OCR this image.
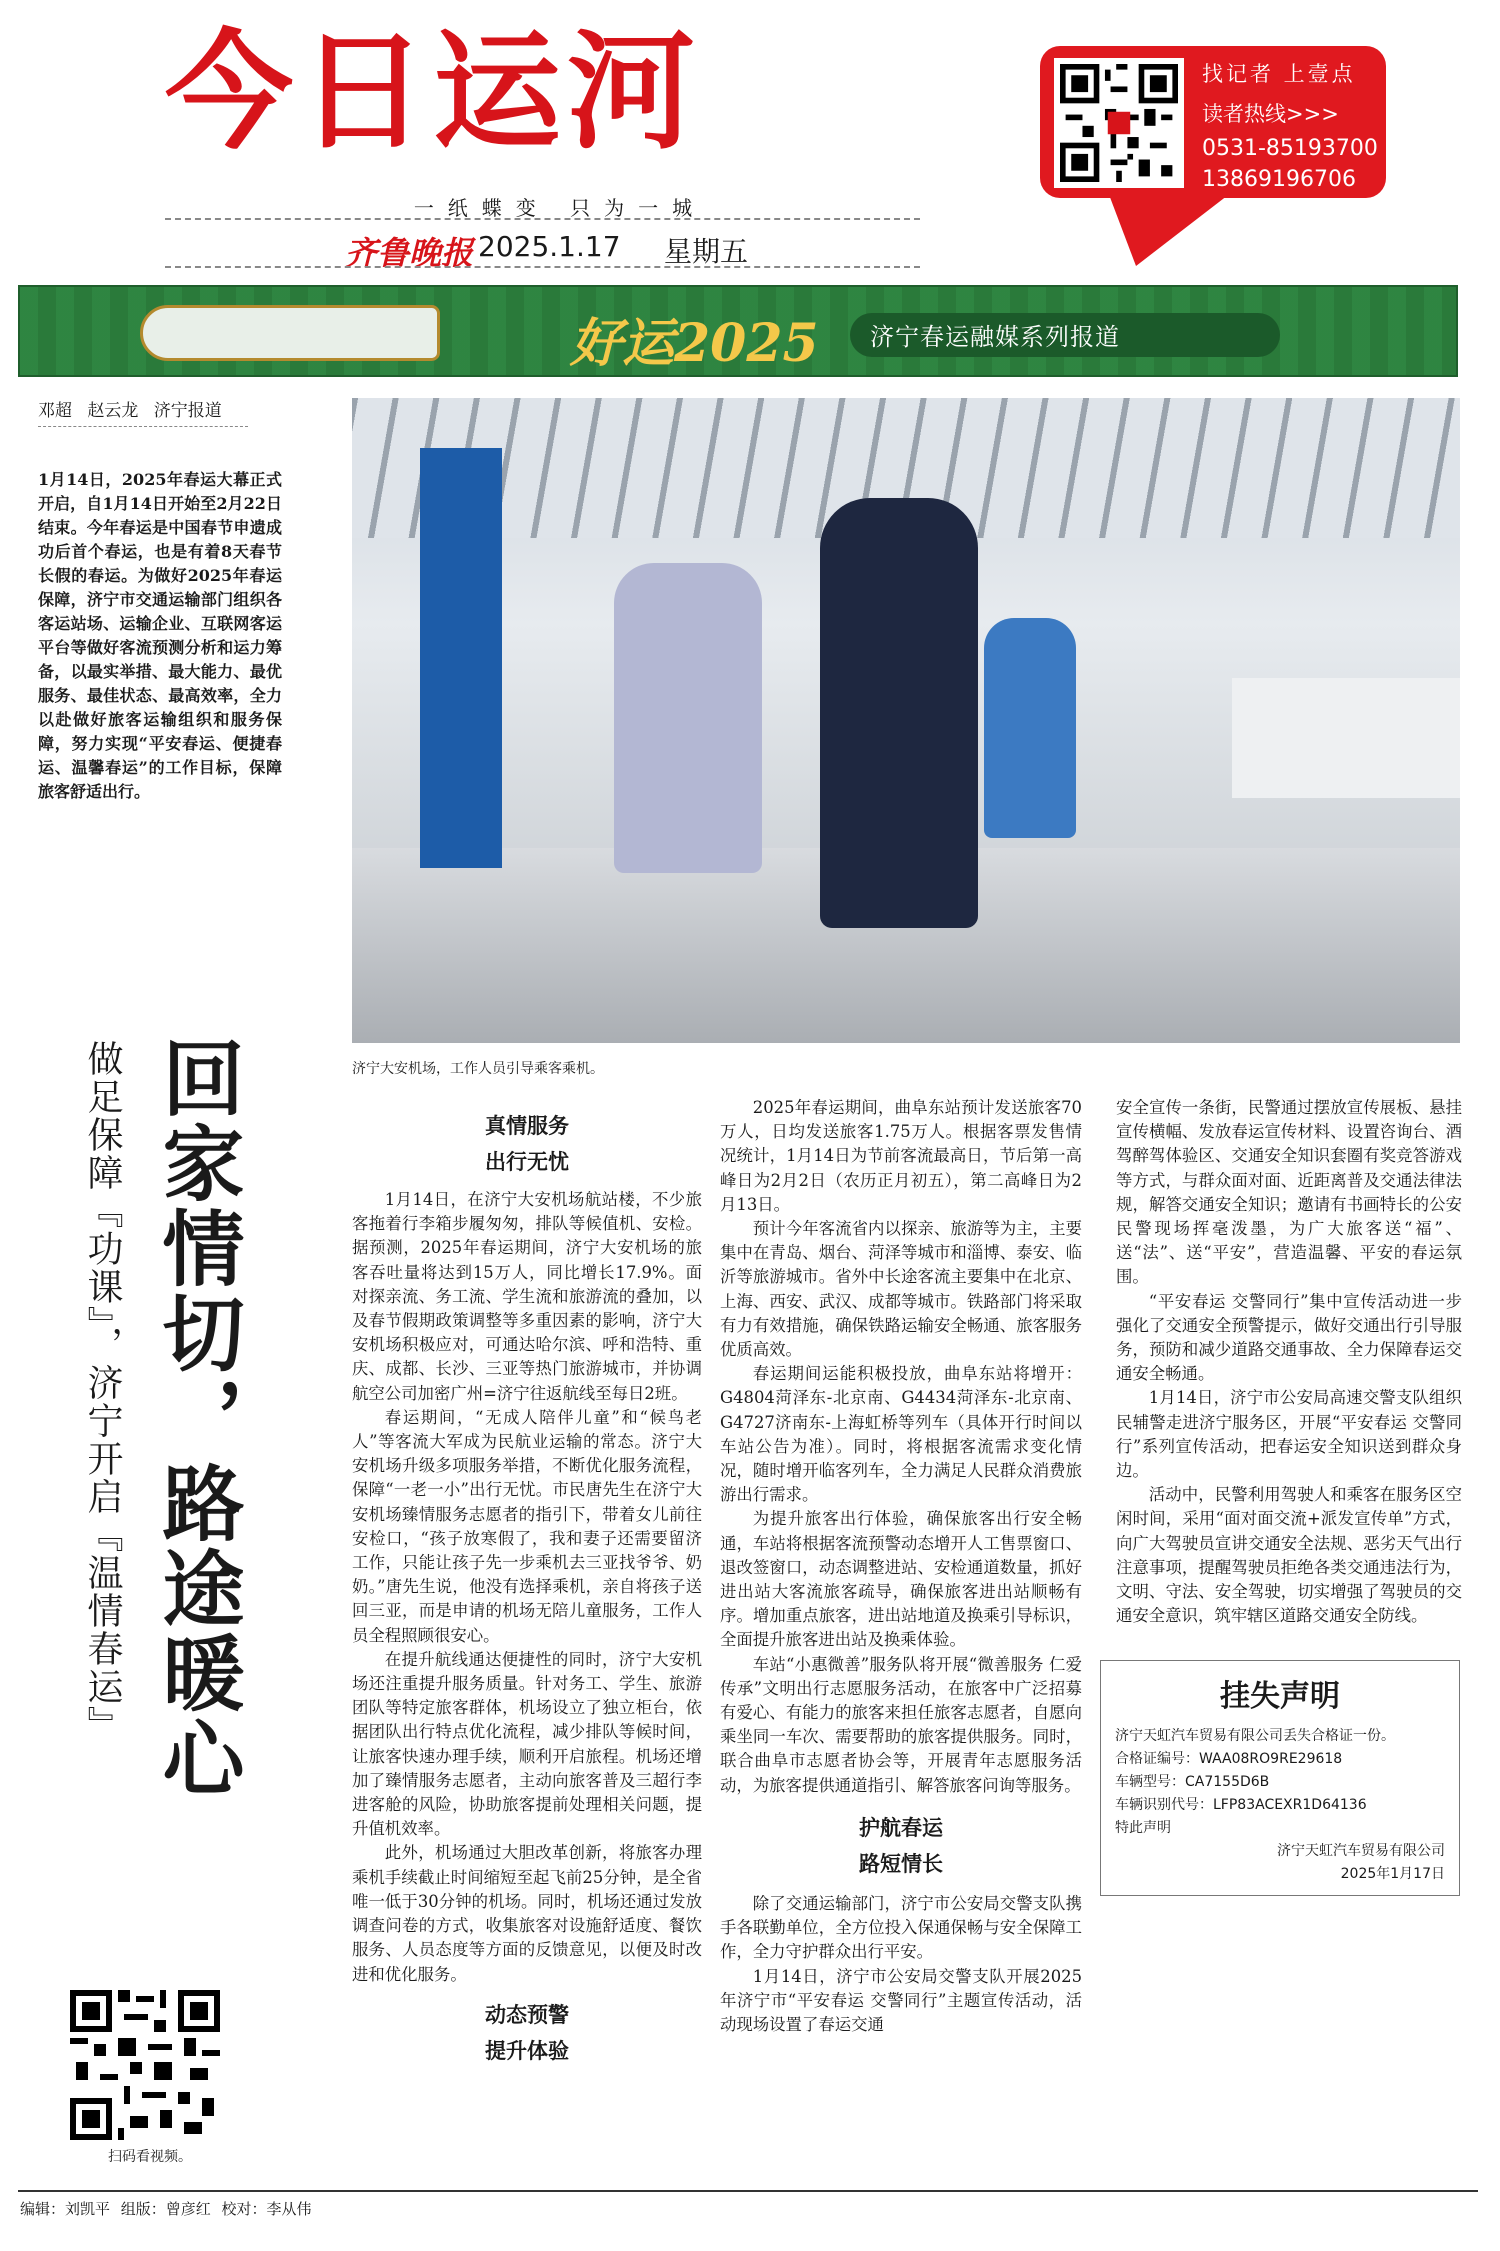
今日运河
一纸蝶变 只为一城
齐鲁晚报 2025.1.17 星期五
找记者 上壹点
读者热线>>>
0531-85193700
13869196706
好运2025 济宁春运融媒系列报道
邓超 赵云龙 济宁报道
1月14日，2025年春运大幕正式开启，自1月14日开始至2月22日结束。今年春运是中国春节申遗成功后首个春运，也是有着8天春节长假的春运。为做好2025年春运保障，济宁市交通运输部门组织各客运站场、运输企业、互联网客运平台等做好客流预测分析和运力筹备，以最实举措、最大能力、最优服务、最佳状态、最高效率，全力以赴做好旅客运输组织和服务保障，努力实现“平安春运、便捷春运、温馨春运”的工作目标，保障旅客舒适出行。
济宁大安机场，工作人员引导乘客乘机。
回家情切，路途暖心
做足保障『功课』，济宁开启『温情春运』	真情服务
出行无忧

1月14日，在济宁大安机场航站楼，不少旅客拖着行李箱步履匆匆，排队等候值机、安检。据预测，2025年春运期间，济宁大安机场的旅客吞吐量将达到15万人，同比增长17.9%。面对探亲流、务工流、学生流和旅游流的叠加，以及春节假期政策调整等多重因素的影响，济宁大安机场积极应对，可通达哈尔滨、呼和浩特、重庆、成都、长沙、三亚等热门旅游城市，并协调航空公司加密广州=济宁往返航线至每日2班。

春运期间，“无成人陪伴儿童”和“候鸟老人”等客流大军成为民航业运输的常态。济宁大安机场升级多项服务举措，不断优化服务流程，保障“一老一小”出行无忧。市民唐先生在济宁大安机场臻情服务志愿者的指引下，带着女儿前往安检口，“孩子放寒假了，我和妻子还需要留济工作，只能让孩子先一步乘机去三亚找爷爷、奶奶。”唐先生说，他没有选择乘机，亲自将孩子送回三亚，而是申请的机场无陪儿童服务，工作人员全程照顾很安心。

在提升航线通达便捷性的同时，济宁大安机场还注重提升服务质量。针对务工、学生、旅游团队等特定旅客群体，机场设立了独立柜台，依据团队出行特点优化流程，减少排队等候时间，让旅客快速办理手续，顺利开启旅程。机场还增加了臻情服务志愿者，主动向旅客普及三超行李进客舱的风险，协助旅客提前处理相关问题，提升值机效率。

此外，机场通过大胆改革创新，将旅客办理乘机手续截止时间缩短至起飞前25分钟，是全省唯一低于30分钟的机场。同时，机场还通过发放调查问卷的方式，收集旅客对设施舒适度、餐饮服务、人员态度等方面的反馈意见，以便及时改进和优化服务。

动态预警
提升体验

2025年春运期间，曲阜东站预计发送旅客70万人，日均发送旅客1.75万人。根据客票发售情况统计，1月14日为节前客流最高日，节后第一高峰日为2月2日（农历正月初五），第二高峰日为2月13日。

预计今年客流省内以探亲、旅游等为主，主要集中在青岛、烟台、菏泽等城市和淄博、泰安、临沂等旅游城市。省外中长途客流主要集中在北京、上海、西安、武汉、成都等城市。铁路部门将采取有力有效措施，确保铁路运输安全畅通、旅客服务优质高效。

春运期间运能积极投放，曲阜东站将增开：G4804菏泽东-北京南、G4434菏泽东-北京南、G4727济南东-上海虹桥等列车（具体开行时间以车站公告为准）。同时，将根据客流需求变化情况，随时增开临客列车，全力满足人民群众消费旅游出行需求。

为提升旅客出行体验，确保旅客出行安全畅通，车站将根据客流预警动态增开人工售票窗口、退改签窗口，动态调整进站、安检通道数量，抓好进出站大客流旅客疏导，确保旅客进出站顺畅有序。增加重点旅客，进出站地道及换乘引导标识，全面提升旅客进出站及换乘体验。

车站“小惠微善”服务队将开展“微善服务 仁爱传承”文明出行志愿服务活动，在旅客中广泛招募有爱心、有能力的旅客来担任旅客志愿者，自愿向乘坐同一车次、需要帮助的旅客提供服务。同时，联合曲阜市志愿者协会等，开展青年志愿服务活动，为旅客提供通道指引、解答旅客问询等服务。

护航春运
路短情长

除了交通运输部门，济宁市公安局交警支队携手各联勤单位，全方位投入保通保畅与安全保障工作，全力守护群众出行平安。

1月14日，济宁市公安局交警支队开展2025年济宁市“平安春运 交警同行”主题宣传活动，活动现场设置了春运交通

安全宣传一条街，民警通过摆放宣传展板、悬挂宣传横幅、发放春运宣传材料、设置咨询台、酒驾醉驾体验区、交通安全知识套圈有奖竞答游戏等方式，与群众面对面、近距离普及交通法律法规，解答交通安全知识；邀请有书画特长的公安民警现场挥毫泼墨，为广大旅客送“福”、送“法”、送“平安”，营造温馨、平安的春运氛围。

“平安春运 交警同行”集中宣传活动进一步强化了交通安全预警提示，做好交通出行引导服务，预防和减少道路交通事故、全力保障春运交通安全畅通。

1月14日，济宁市公安局高速交警支队组织民辅警走进济宁服务区，开展“平安春运 交警同行”系列宣传活动，把春运安全知识送到群众身边。

活动中，民警利用驾驶人和乘客在服务区空闲时间，采用“面对面交流+派发宣传单”方式，向广大驾驶员宣讲交通安全法规、恶劣天气出行注意事项，提醒驾驶员拒绝各类交通违法行为，文明、守法、安全驾驶，切实增强了驾驶员的交通安全意识，筑牢辖区道路交通安全防线。

挂失声明
济宁天虹汽车贸易有限公司丢失合格证一份。
合格证编号：WAA08RO9RE29618
车辆型号：CA7155D6B
车辆识别代号：LFP83ACEXR1D64136
特此声明
济宁天虹汽车贸易有限公司
2025年1月17日
扫码看视频。
编辑：刘凯平 组版：曾彦红 校对：李从伟
